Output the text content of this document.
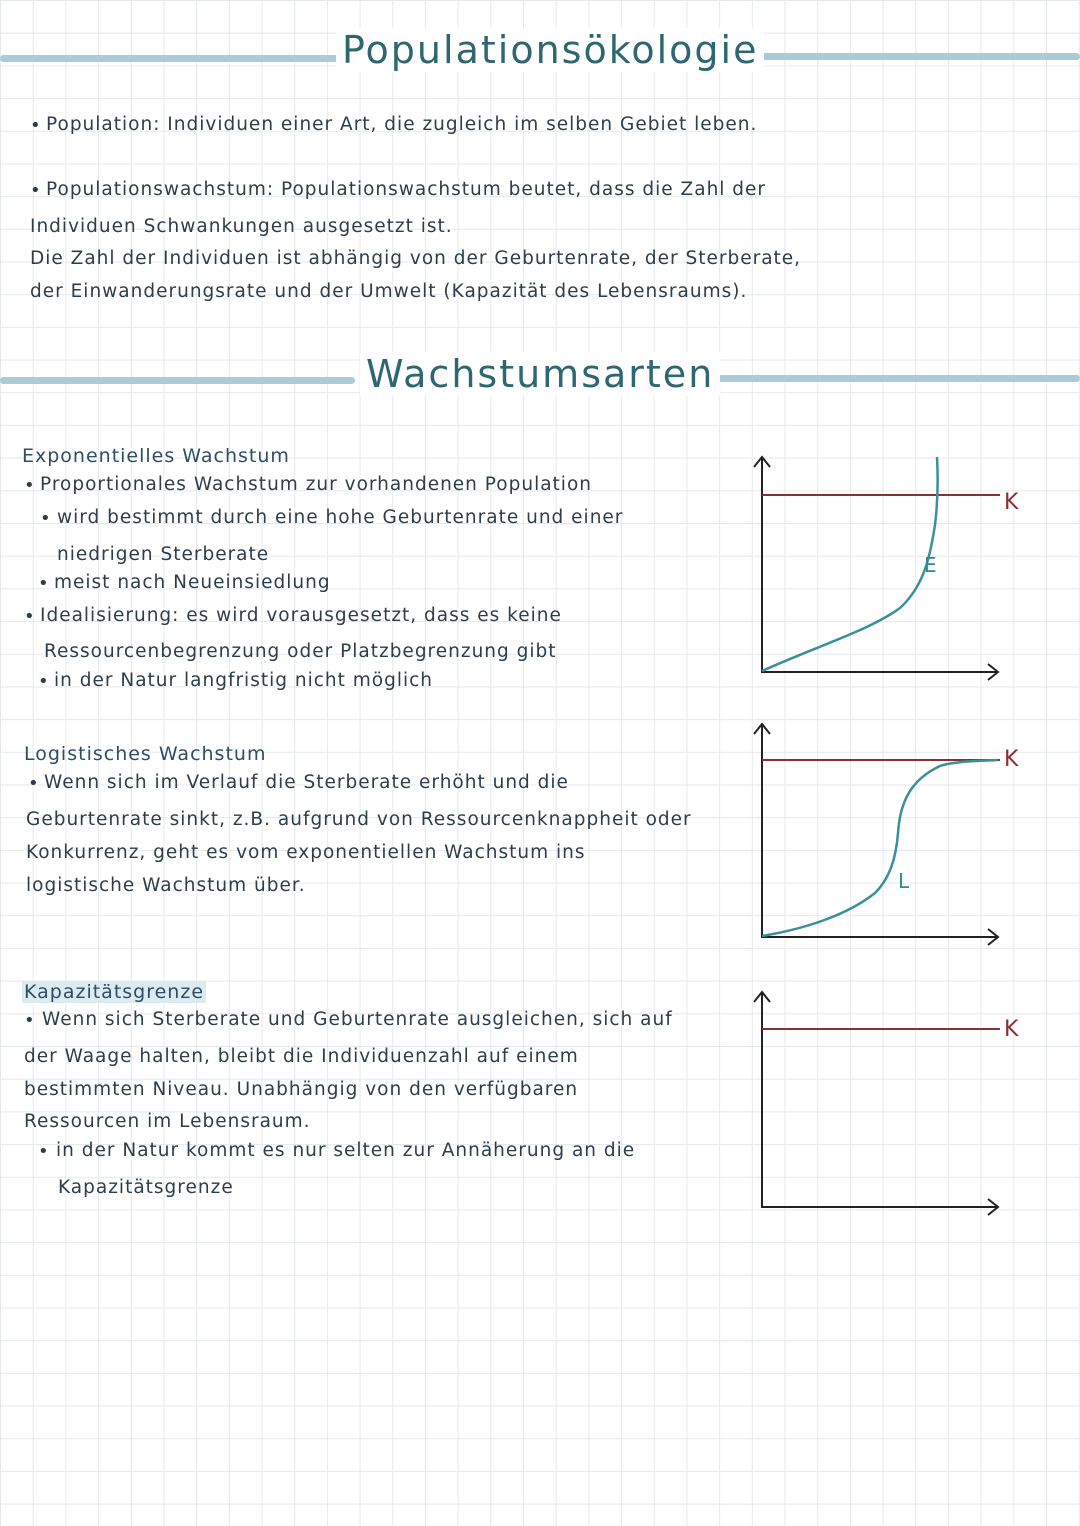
Populationsökologie
• Population: Individuen einer Art, die zugleich im selben Gebiet leben.
• Populationswachstum: Populationswachstum beutet, dass die Zahl der
Individuen Schwankungen ausgesetzt ist.
Die Zahl der Individuen ist abhängig von der Geburtenrate, der Sterberate,
der Einwanderungsrate und der Umwelt (Kapazität des Lebensraums).
Wachstumsarten
Exponentielles Wachstum
• Proportionales Wachstum zur vorhandenen Population
• wird bestimmt durch eine hohe Geburtenrate und einer
niedrigen Sterberate
• meist nach Neueinsiedlung
• Idealisierung: es wird vorausgesetzt, dass es keine
Ressourcenbegrenzung oder Platzbegrenzung gibt
• in der Natur langfristig nicht möglich
Logistisches Wachstum
• Wenn sich im Verlauf die Sterberate erhöht und die
Geburtenrate sinkt, z.B. aufgrund von Ressourcenknappheit oder
Konkurrenz, geht es vom exponentiellen Wachstum ins
logistische Wachstum über.
Kapazitätsgrenze
• Wenn sich Sterberate und Geburtenrate ausgleichen, sich auf
der Waage halten, bleibt die Individuenzahl auf einem
bestimmten Niveau. Unabhängig von den verfügbaren
Ressourcen im Lebensraum.
• in der Natur kommt es nur selten zur Annäherung an die
Kapazitätsgrenze
K
E
L
K
K
